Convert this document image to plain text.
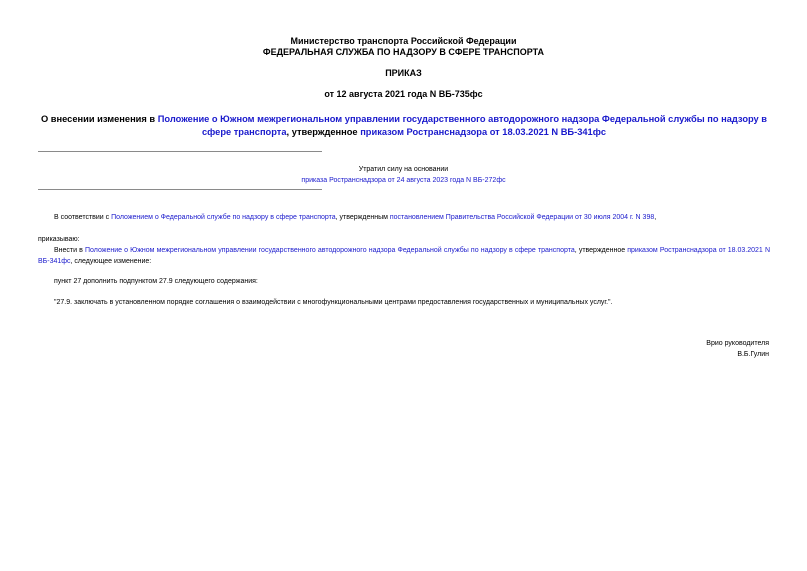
Министерство транспорта Российской Федерации
ФЕДЕРАЛЬНАЯ СЛУЖБА ПО НАДЗОРУ В СФЕРЕ ТРАНСПОРТА
ПРИКАЗ
от 12 августа 2021 года N ВБ-735фс
О внесении изменения в Положение о Южном межрегиональном управлении государственного автодорожного надзора Федеральной службы по надзору в сфере транспорта, утвержденное приказом Ространснадзора от 18.03.2021 N ВБ-341фс
Утратил силу на основании
приказа Ространснадзора от 24 августа 2023 года N ВБ-272фс
В соответствии с Положением о Федеральной службе по надзору в сфере транспорта, утвержденным постановлением Правительства Российской Федерации от 30 июля 2004 г. N 398,
приказываю:
Внести в Положение о Южном межрегиональном управлении государственного автодорожного надзора Федеральной службы по надзору в сфере транспорта, утвержденное приказом Ространснадзора от 18.03.2021 N ВБ-341фс, следующее изменение:
пункт 27 дополнить подпунктом 27.9 следующего содержания:
"27.9. заключать в установленном порядке соглашения о взаимодействии с многофункциональными центрами предоставления государственных и муниципальных услуг.".
Врио руководителя
В.Б.Гулин
